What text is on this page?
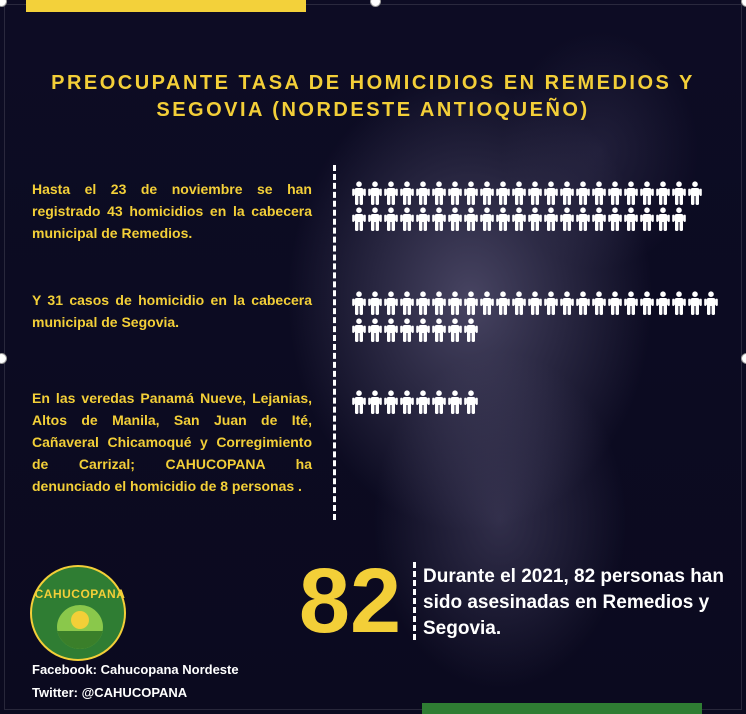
PREOCUPANTE TASA DE HOMICIDIOS EN REMEDIOS Y SEGOVIA (NORDESTE ANTIOQUEÑO)

Hasta el 23 de noviembre se han registrado 43 homicidios en la cabecera municipal de Remedios.

Y 31 casos de homicidio en la cabecera municipal de Segovia.

En las veredas Panamá Nueve, Lejanias, Altos de Manila, San Juan de Ité, Cañaveral Chicamoqué y Corregimiento de Carrizal; CAHUCOPANA ha denunciado el homicidio de 8 personas .

CAHUCOPANA 82	Durante el 2021, 82 personas han sido asesinadas en Remedios y Segovia.
Facebook: Cahucopana Nordeste
Twitter: @CAHUCOPANA
